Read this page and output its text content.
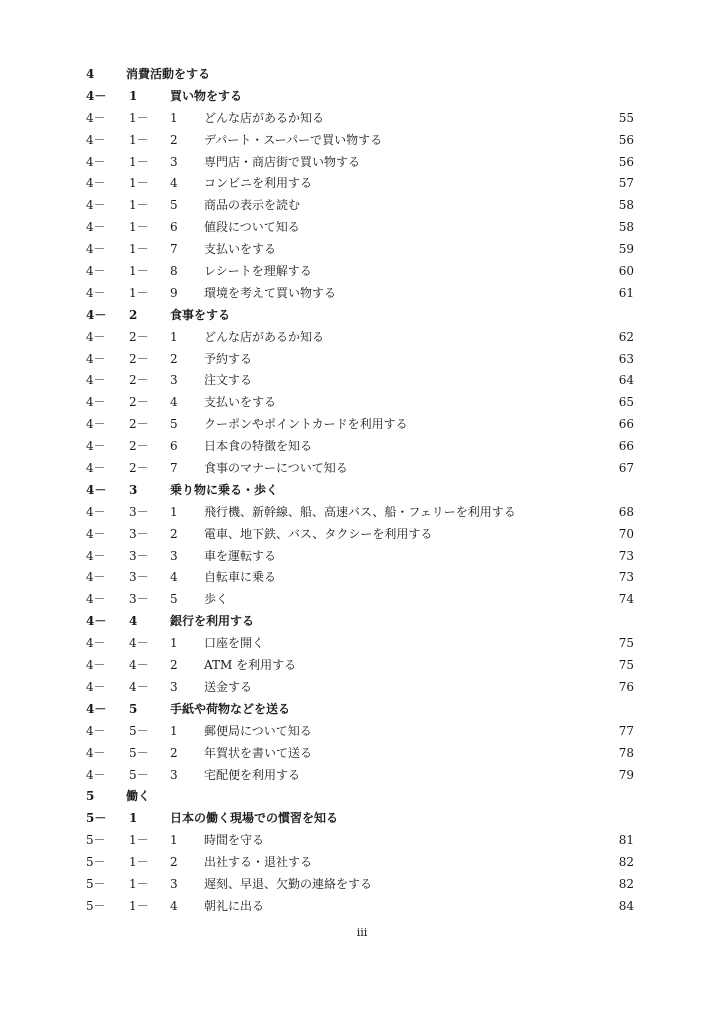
4	消費活動をする
4－ 1	買い物をする
4－ 1－ 1 どんな店があるか知る	55
4－ 1－ 2 デパート・スーパーで買い物する	56
4－ 1－ 3 専門店・商店街で買い物する	56
4－ 1－ 4 コンビニを利用する	57
4－ 1－ 5 商品の表示を読む	58
4－ 1－ 6 値段について知る	58
4－ 1－ 7 支払いをする	59
4－ 1－ 8 レシートを理解する	60
4－ 1－ 9 環境を考えて買い物する	61
4－ 2	食事をする
4－ 2－ 1 どんな店があるか知る	62
4－ 2－ 2 予約する	63
4－ 2－ 3 注文する	64
4－ 2－ 4 支払いをする	65
4－ 2－ 5 クーポンやポイントカードを利用する	66
4－ 2－ 6 日本食の特徴を知る	66
4－ 2－ 7 食事のマナーについて知る	67
4－ 3	乗り物に乗る・歩く
4－ 3－ 1 飛行機、新幹線、船、高速バス、船・フェリーを利用する	68
4－ 3－ 2 電車、地下鉄、バス、タクシーを利用する	70
4－ 3－ 3 車を運転する	73
4－ 3－ 4 自転車に乗る	73
4－ 3－ 5 歩く	74
4－ 4	銀行を利用する
4－ 4－ 1 口座を開く	75
4－ 4－ 2 ATM を利用する	75
4－ 4－ 3 送金する	76
4－ 5	手紙や荷物などを送る
4－ 5－ 1 郵便局について知る	77
4－ 5－ 2 年賀状を書いて送る	78
4－ 5－ 3 宅配便を利用する	79
5	働く
5－ 1	日本の働く現場での慣習を知る
5－ 1－ 1 時間を守る	81
5－ 1－ 2 出社する・退社する	82
5－ 1－ 3 遅刻、早退、欠勤の連絡をする	82
5－ 1－ 4 朝礼に出る	84
iii
